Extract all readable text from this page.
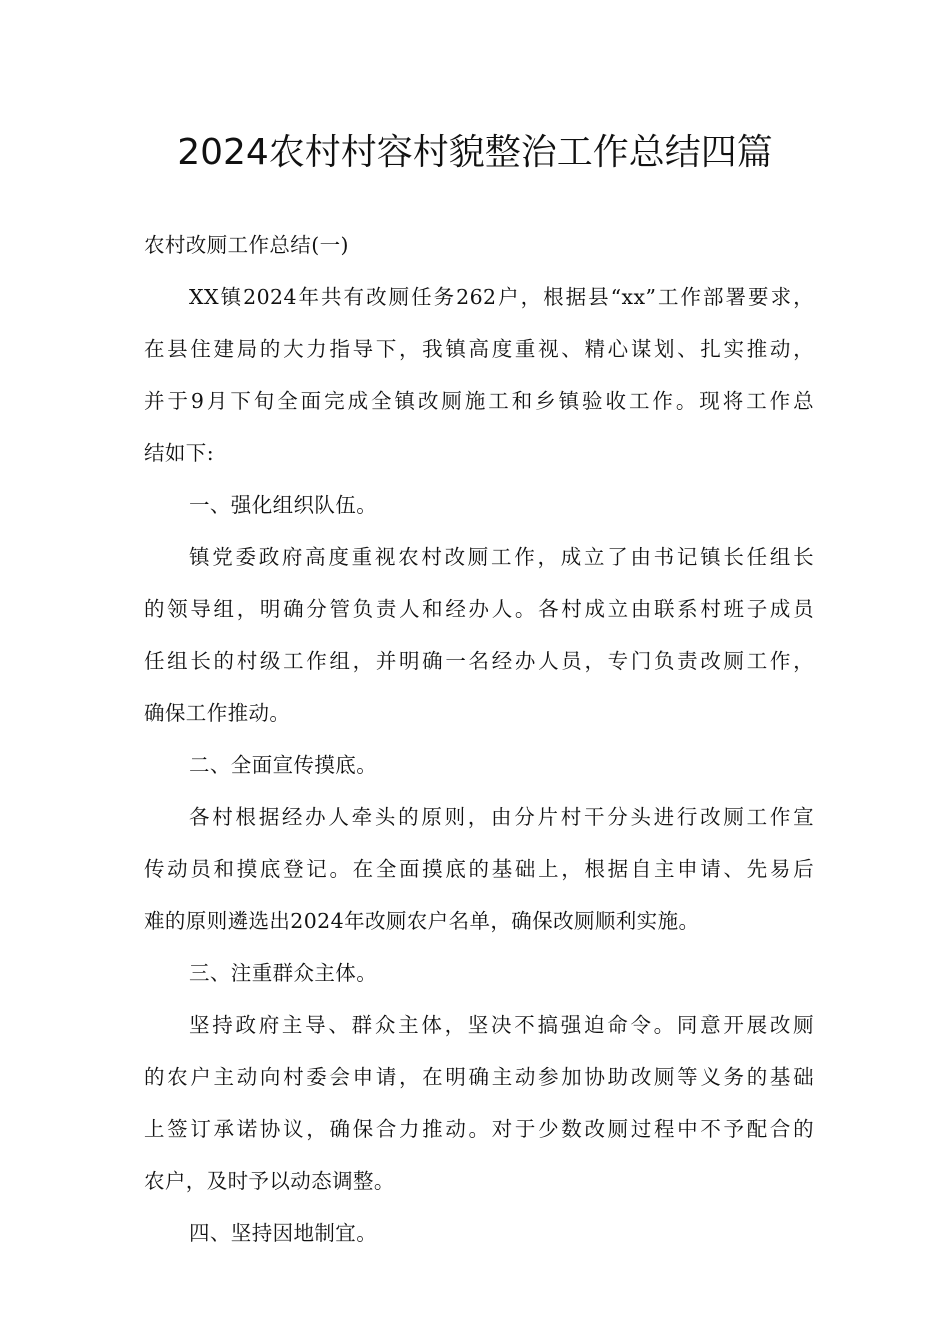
2024农村村容村貌整治工作总结四篇
农村改厕工作总结(一)
XX镇2024年共有改厕任务262户，根据县“xx”工作部署要求，
在县住建局的大力指导下，我镇高度重视、精心谋划、扎实推动，
并于9月下旬全面完成全镇改厕施工和乡镇验收工作。现将工作总
结如下:
一、强化组织队伍。
镇党委政府高度重视农村改厕工作，成立了由书记镇长任组长
的领导组，明确分管负责人和经办人。各村成立由联系村班子成员
任组长的村级工作组，并明确一名经办人员，专门负责改厕工作，
确保工作推动。
二、全面宣传摸底。
各村根据经办人牵头的原则，由分片村干分头进行改厕工作宣
传动员和摸底登记。在全面摸底的基础上，根据自主申请、先易后
难的原则遴选出2024年改厕农户名单，确保改厕顺利实施。
三、注重群众主体。
坚持政府主导、群众主体，坚决不搞强迫命令。同意开展改厕
的农户主动向村委会申请，在明确主动参加协助改厕等义务的基础
上签订承诺协议，确保合力推动。对于少数改厕过程中不予配合的
农户，及时予以动态调整。
四、坚持因地制宜。
